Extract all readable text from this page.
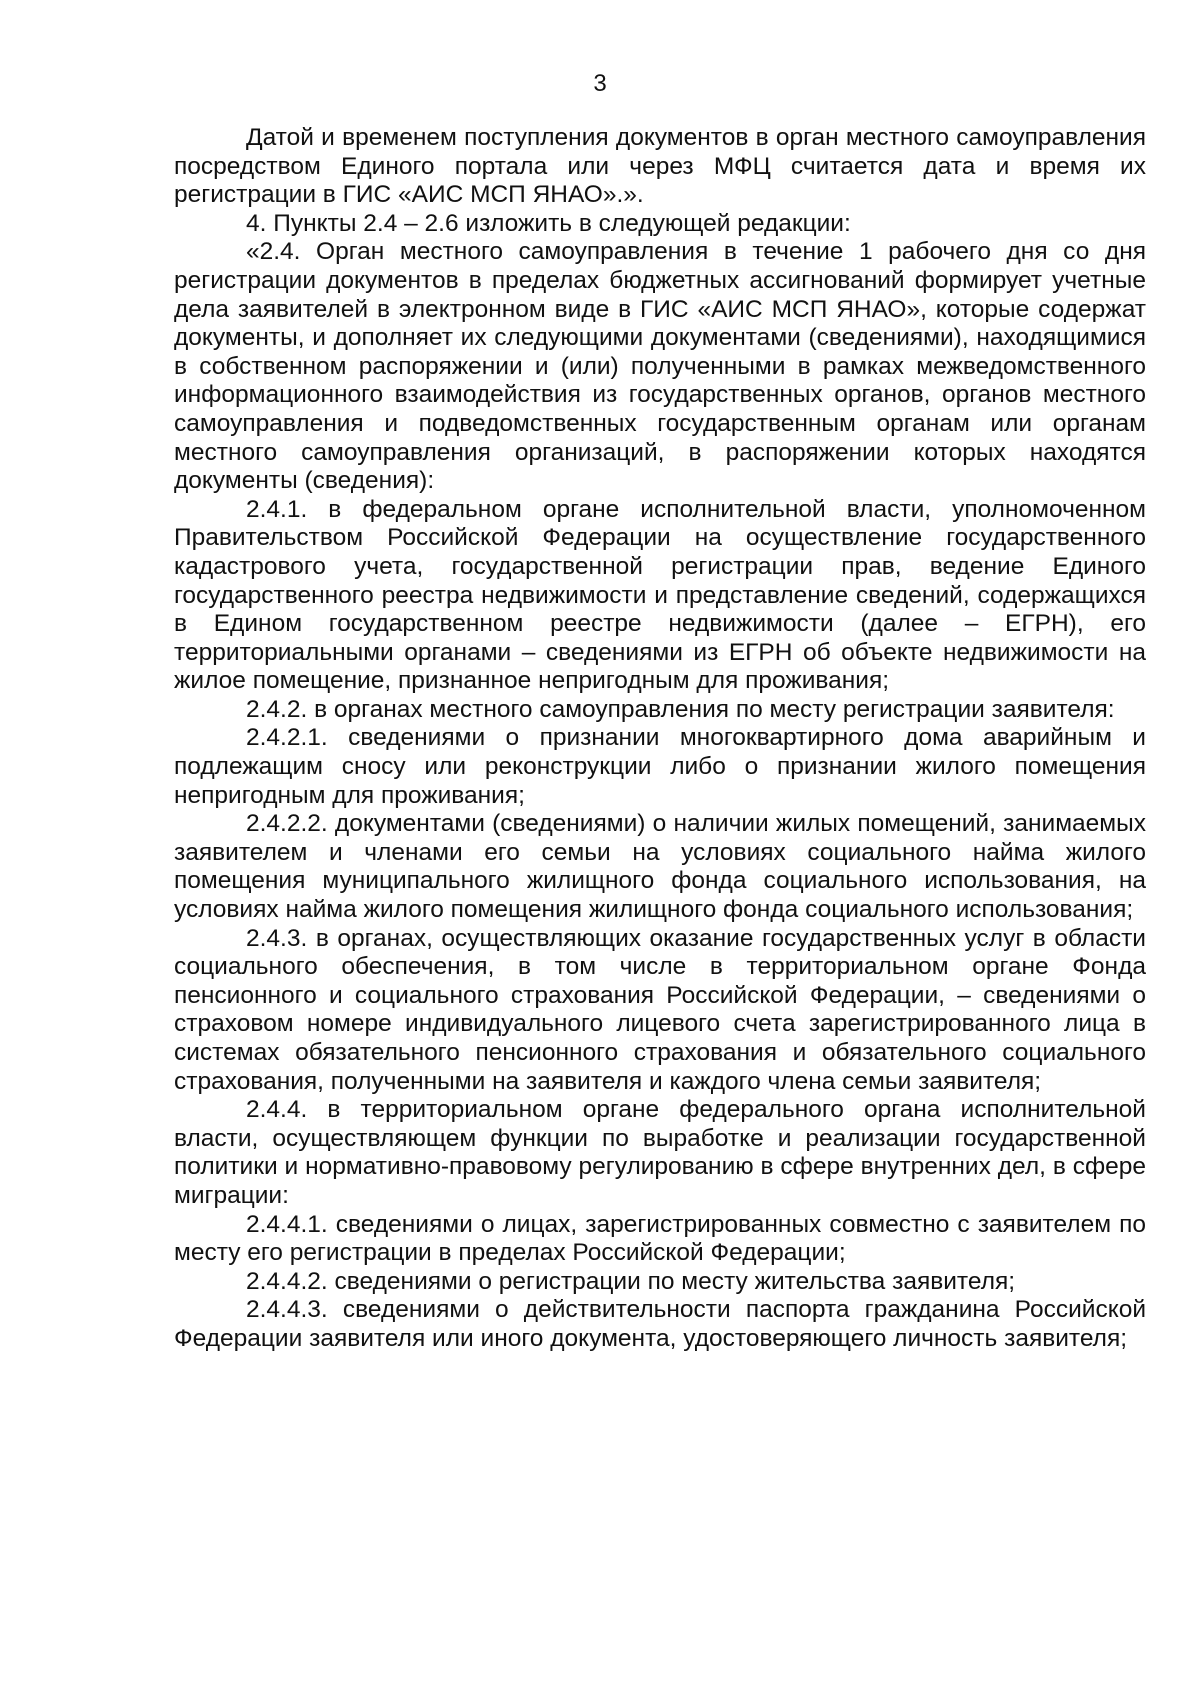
3

Датой и временем поступления документов в орган местного самоуправления посредством Единого портала или через МФЦ считается дата и время их регистрации в ГИС «АИС МСП ЯНАО».».

4. Пункты 2.4 – 2.6 изложить в следующей редакции:

«2.4. Орган местного самоуправления в течение 1 рабочего дня со дня регистрации документов в пределах бюджетных ассигнований формирует учетные дела заявителей в электронном виде в ГИС «АИС МСП ЯНАО», которые содержат документы, и дополняет их следующими документами (сведениями), находящимися в собственном распоряжении и (или) полученными в рамках межведомственного информационного взаимодействия из государственных органов, органов местного самоуправления и подведомственных государственным органам или органам местного самоуправления организаций, в распоряжении которых находятся документы (сведения):

2.4.1. в федеральном органе исполнительной власти, уполномоченном Правительством Российской Федерации на осуществление государственного кадастрового учета, государственной регистрации прав, ведение Единого государственного реестра недвижимости и представление сведений, содержащихся в Едином государственном реестре недвижимости (далее – ЕГРН), его территориальными органами – сведениями из ЕГРН об объекте недвижимости на жилое помещение, признанное непригодным для проживания;

2.4.2. в органах местного самоуправления по месту регистрации заявителя:

2.4.2.1. сведениями о признании многоквартирного дома аварийным и подлежащим сносу или реконструкции либо о признании жилого помещения непригодным для проживания;

2.4.2.2. документами (сведениями) о наличии жилых помещений, занимаемых заявителем и членами его семьи на условиях социального найма жилого помещения муниципального жилищного фонда социального использования, на условиях найма жилого помещения жилищного фонда социального использования;

2.4.3. в органах, осуществляющих оказание государственных услуг в области социального обеспечения, в том числе в территориальном органе Фонда пенсионного и социального страхования Российской Федерации, – сведениями о страховом номере индивидуального лицевого счета зарегистрированного лица в системах обязательного пенсионного страхования и обязательного социального страхования, полученными на заявителя и каждого члена семьи заявителя;

2.4.4. в территориальном органе федерального органа исполнительной власти, осуществляющем функции по выработке и реализации государственной политики и нормативно-правовому регулированию в сфере внутренних дел, в сфере миграции:

2.4.4.1. сведениями о лицах, зарегистрированных совместно с заявителем по месту его регистрации в пределах Российской Федерации;

2.4.4.2. сведениями о регистрации по месту жительства заявителя;

2.4.4.3. сведениями о действительности паспорта гражданина Российской Федерации заявителя или иного документа, удостоверяющего личность заявителя;
